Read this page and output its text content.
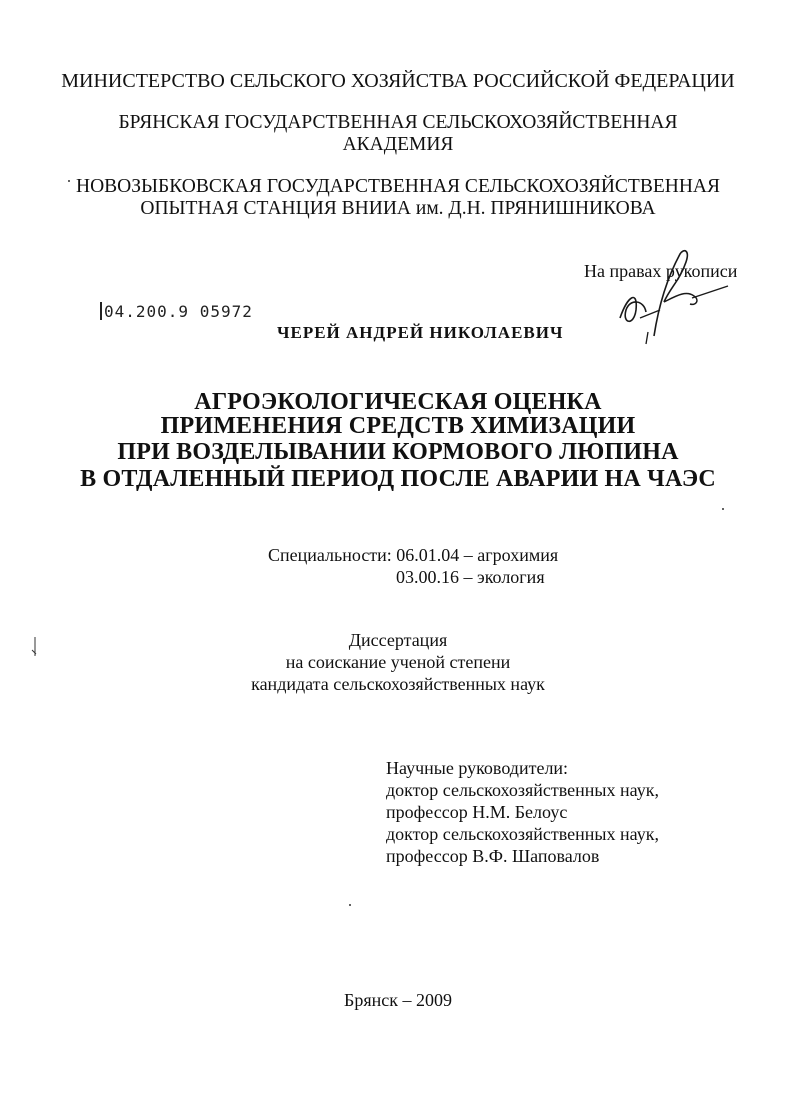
МИНИСТЕРСТВО СЕЛЬСКОГО ХОЗЯЙСТВА РОССИЙСКОЙ ФЕДЕРАЦИИ
БРЯНСКАЯ ГОСУДАРСТВЕННАЯ СЕЛЬСКОХОЗЯЙСТВЕННАЯ
АКАДЕМИЯ
НОВОЗЫБКОВСКАЯ ГОСУДАРСТВЕННАЯ СЕЛЬСКОХОЗЯЙСТВЕННАЯ
ОПЫТНАЯ СТАНЦИЯ ВНИИА им. Д.Н. ПРЯНИШНИКОВА
На правах рукописи
04.200.9 05972
ЧЕРЕЙ АНДРЕЙ НИКОЛАЕВИЧ
АГРОЭКОЛОГИЧЕСКАЯ ОЦЕНКА
ПРИМЕНЕНИЯ СРЕДСТВ ХИМИЗАЦИИ
ПРИ ВОЗДЕЛЫВАНИИ КОРМОВОГО ЛЮПИНА
В ОТДАЛЕННЫЙ ПЕРИОД ПОСЛЕ АВАРИИ НА ЧАЭС
Специальности: 06.01.04 – агрохимия
03.00.16 – экология
Диссертация
на соискание ученой степени
кандидата сельскохозяйственных наук
Научные руководители:
доктор сельскохозяйственных наук,
профессор Н.М. Белоус
доктор сельскохозяйственных наук,
профессор В.Ф. Шаповалов
Брянск – 2009
